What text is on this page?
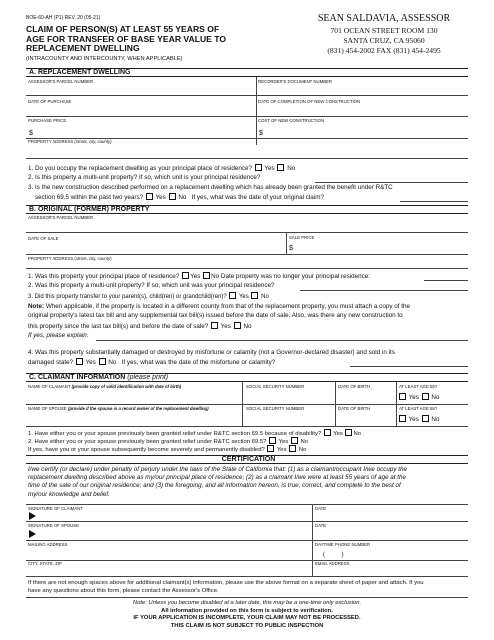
BOE-60-AH (P1) REV. 20 (05-21)
CLAIM OF PERSON(S) AT LEAST 55 YEARS OF
AGE FOR TRANSFER OF BASE YEAR VALUE TO
REPLACEMENT DWELLING
(INTRACOUNTY AND INTERCOUNTY, WHEN APPLICABLE)
SEAN SALDAVIA, ASSESSOR
701 OCEAN STREET ROOM 130
SANTA CRUZ, CA 95060
(831) 454-2002 FAX (831) 454-2495
A. REPLACEMENT DWELLING
ASSESSOR'S PARCEL NUMBER	RECORDER'S DOCUMENT NUMBER
DATE OF PURCHASE	DATE OF COMPLETION OF NEW CONSTRUCTION
PURCHASE PRICE	COST OF NEW CONSTRUCTION
$	$
PROPERTY ADDRESS (street, city, county)
1. Do you occupy the replacement dwelling as your principal place of residence? Yes No
2. Is this property a multi-unit property? If so, which unit is your principal residence?
3. Is the new construction described performed on a replacement dwelling which has already been granted the benefit under R&TC
section 69.5 within the past two years? Yes No If yes, what was the date of your original claim?
B. ORIGINAL (FORMER) PROPERTY
ASSESSOR'S PARCEL NUMBER
DATE OF SALE	SALE PRICE
$
PROPERTY ADDRESS (street, city, county)
1. Was this property your principal place of residence? Yes No Date property was no longer your principal residence:
2. Was this property a multi-unit property? If so, which unit was your principal residence?
3. Did this property transfer to your parent(s), child(ren) or grandchild(ren)? Yes No
Note: When applicable, if the property is located in a different county from that of the replacement property, you must attach a copy of the
original property's latest tax bill and any supplemental tax bill(s) issued before the date of sale. Also, was there any new construction to
this property since the last tax bill(s) and before the date of sale? Yes No
If yes, please explain:
4. Was this property substantially damaged or destroyed by misfortune or calamity (not a Governor-declared disaster) and sold in its
damaged state? Yes No If yes, what was the date of the misfortune or calamity?
C. CLAIMANT INFORMATION (please print)
NAME OF CLAIMANT (provide copy of valid identification with date of birth)	SOCIAL SECURITY NUMBER	DATE OF BIRTH	AT LEAST AGE 55?
Yes No
NAME OF SPOUSE (provide if the spouse is a record owner of the replacement dwelling)	SOCIAL SECURITY NUMBER	DATE OF BIRTH	AT LEAST AGE 55?
Yes No
1. Have either you or your spouse previously been granted relief under R&TC section 69.5 because of disability? Yes No
2. Have either you or your spouse previously been granted relief under R&TC section 69.5? Yes No
If yes, have you or your spouse subsequently become severely and permanently disabled? Yes No
CERTIFICATION
I/we certify (or declare) under penalty of perjury under the laws of the State of California that: (1) as a claimant/occupant I/we occupy the
replacement dwelling described above as my/our principal place of residence; (2) as a claimant I/we were at least 55 years of age at the
time of the sale of our original residence; and (3) the foregoing, and all information hereon, is true, correct, and complete to the best of
my/our knowledge and belief.
SIGNATURE OF CLAIMANT	DATE
SIGNATURE OF SPOUSE	DATE
MAILING ADDRESS	DAYTIME PHONE NUMBER
(          )
CITY, STATE, ZIP	EMAIL ADDRESS
If there are not enough spaces above for additional claimant(s) information, please use the above format on a separate sheet of paper and attach. If you
have any questions about this form, please contact the Assessor's Office.
Note: Unless you become disabled at a later date, this may be a one-time only exclusion.
All information provided on this form is subject to verification.
IF YOUR APPLICATION IS INCOMPLETE, YOUR CLAIM MAY NOT BE PROCESSED.
THIS CLAIM IS NOT SUBJECT TO PUBLIC INSPECTION
